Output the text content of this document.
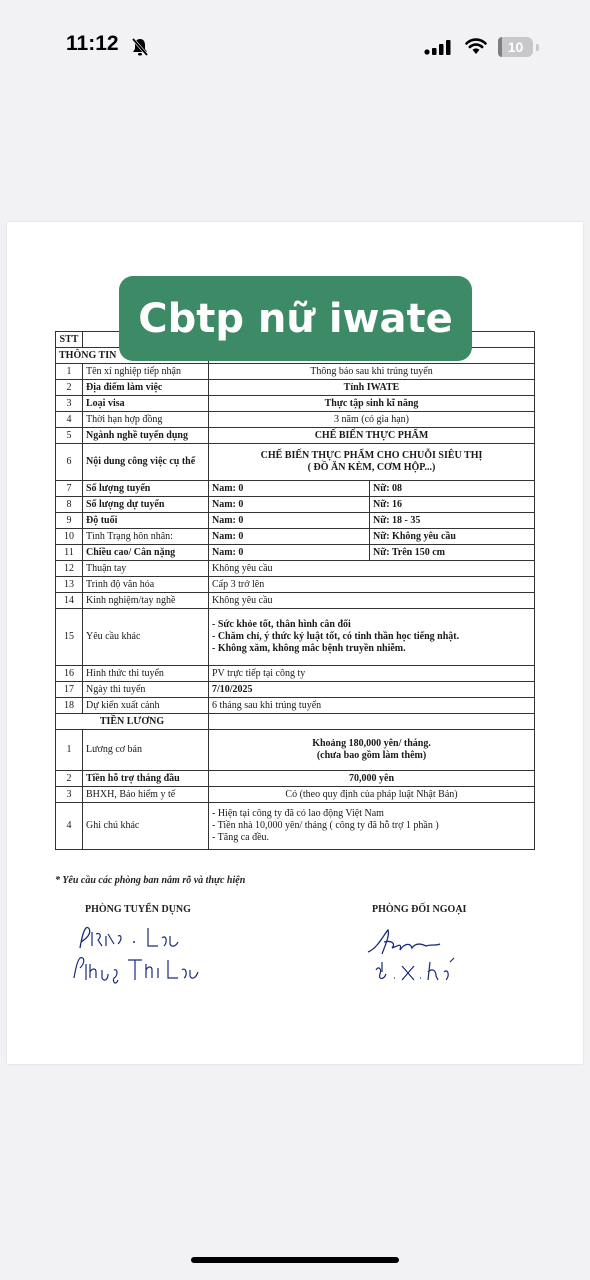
11:12	10
STT			
THÔNG TIN			
1	Tên xí nghiệp tiếp nhận	Thông báo sau khi trúng tuyển	
2	Địa điểm làm việc	Tỉnh IWATE	
3	Loại visa	Thực tập sinh kĩ năng	
4	Thời hạn hợp đồng	3 năm (có gia hạn)	
5	Ngành nghề tuyển dụng	CHẾ BIẾN THỰC PHẨM	
6	Nội dung công việc cụ thể	CHẾ BIẾN THỰC PHẨM CHO CHUỖI SIÊU THỊ
( ĐỒ ĂN KÈM, CƠM HỘP...)	

7	Số lượng tuyển	Nam: 0	Nữ: 08
8	Số lượng dự tuyển	Nam: 0	Nữ: 16
9	Độ tuổi	Nam: 0	Nữ: 18 - 35
10	Tình Trạng hôn nhân:	Nam: 0	Nữ: Không yêu cầu
11	Chiều cao/ Cân nặng	Nam: 0	Nữ: Trên 150 cm
12	Thuận tay	Không yêu cầu	
13	Trình độ văn hóa	Cấp 3 trở lên	
14	Kinh nghiệm/tay nghề	Không yêu cầu	
15	Yêu cầu khác	- Sức khỏe tốt, thân hình cân đối
- Chăm chỉ, ý thức kỷ luật tốt, có tinh thần học tiếng nhật.
- Không xăm, không mắc bệnh truyền nhiễm.	

16	Hình thức thi tuyển	PV trực tiếp tại công ty	
17	Ngày thi tuyển	7/10/2025	
18	Dự kiến xuất cảnh	6 tháng sau khi trúng tuyển	
TIỀN LƯƠNG			
1	Lương cơ bản	Khoảng 180,000 yên/ tháng.
(chưa bao gồm làm thêm)	

2	Tiền hỗ trợ tháng đầu	70,000 yên	
3	BHXH, Bảo hiểm y tế	Có (theo quy định của pháp luật Nhật Bản)	
4	Ghi chú khác	- Hiện tại công ty đã có lao động Việt Nam
- Tiền nhà 10,000 yên/ tháng ( công ty đã hỗ trợ 1 phần )
- Tăng ca đều.	
* Yêu cầu các phòng ban nắm rõ và thực hiện
PHÒNG TUYỂN DỤNG	PHÒNG ĐỐI NGOẠI
Cbtp nữ iwate
